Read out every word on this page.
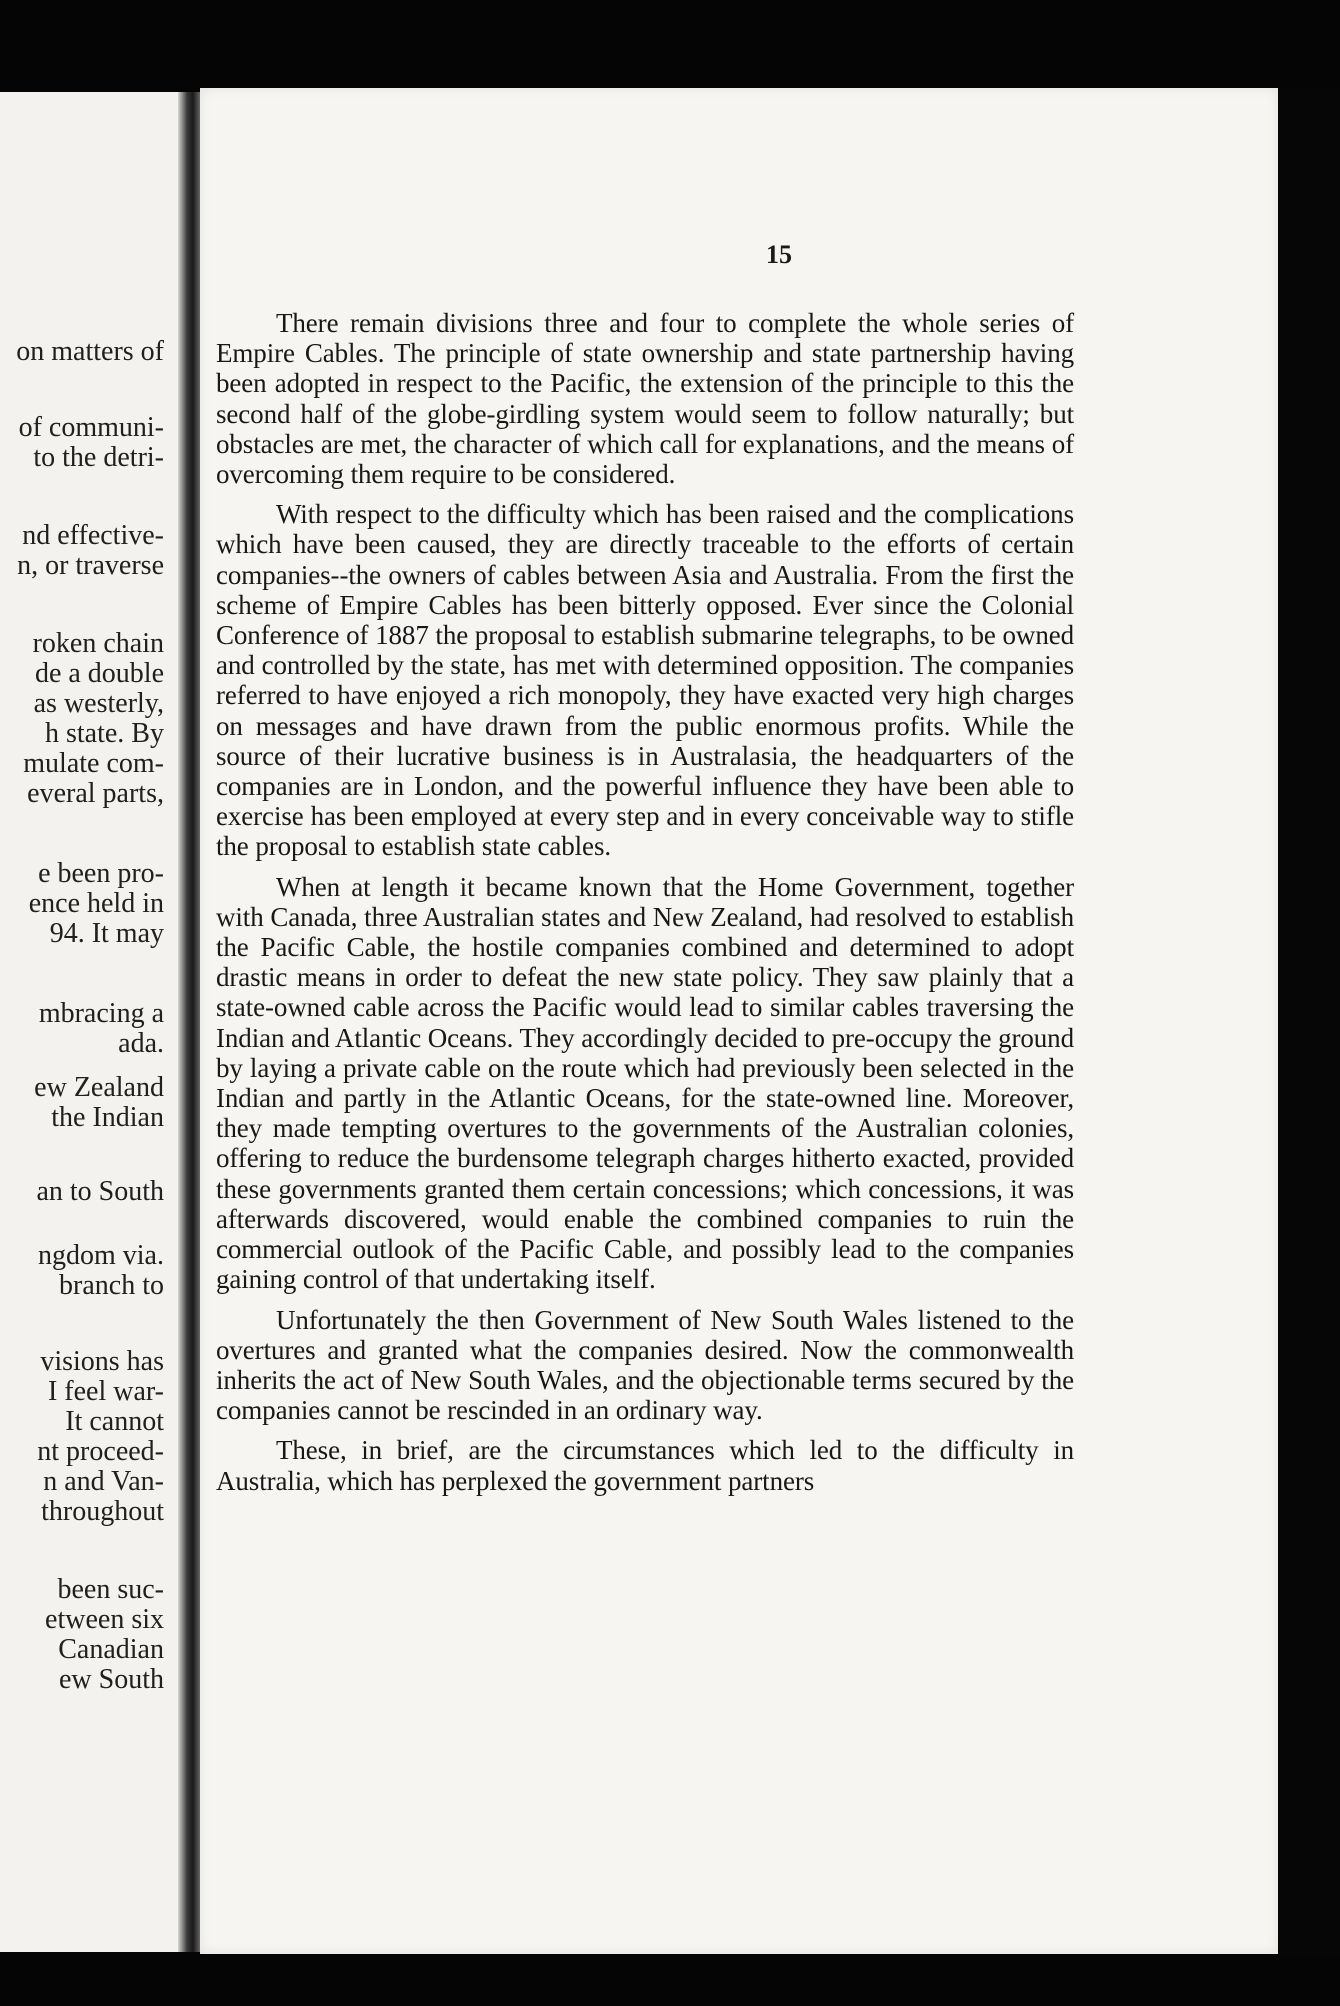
on matters of
of communi-
to the detri-
nd effective-
n, or traverse
roken chain
de a double
as westerly,
h state. By
mulate com-
everal parts,
e been pro-
ence held in
94. It may
mbracing a
ada.
ew Zealand
the Indian
an to South
ngdom via.
branch to
visions has
I feel war-
It cannot
nt proceed-
n and Van-
throughout
been suc-
etween six
Canadian
ew South
15

There remain divisions three and four to complete the whole series of Empire Cables. The principle of state ownership and state partnership having been adopted in respect to the Pacific, the extension of the principle to this the second half of the globe-girdling system would seem to follow naturally; but obstacles are met, the character of which call for explanations, and the means of overcoming them require to be considered.

With respect to the difficulty which has been raised and the complications which have been caused, they are directly traceable to the efforts of certain companies--the owners of cables between Asia and Australia. From the first the scheme of Empire Cables has been bitterly opposed. Ever since the Colonial Conference of 1887 the proposal to establish submarine telegraphs, to be owned and controlled by the state, has met with determined opposition. The companies referred to have enjoyed a rich monopoly, they have exacted very high charges on messages and have drawn from the public enormous profits. While the source of their lucrative business is in Australasia, the headquarters of the companies are in London, and the powerful influence they have been able to exercise has been employed at every step and in every conceivable way to stifle the proposal to establish state cables.

When at length it became known that the Home Government, together with Canada, three Australian states and New Zealand, had resolved to establish the Pacific Cable, the hostile companies combined and determined to adopt drastic means in order to defeat the new state policy. They saw plainly that a state-owned cable across the Pacific would lead to similar cables traversing the Indian and Atlantic Oceans. They accordingly decided to pre-occupy the ground by laying a private cable on the route which had previously been selected in the Indian and partly in the Atlantic Oceans, for the state-owned line. Moreover, they made tempting overtures to the governments of the Australian colonies, offering to reduce the burdensome telegraph charges hitherto exacted, provided these governments granted them certain concessions; which concessions, it was afterwards discovered, would enable the combined companies to ruin the commercial outlook of the Pacific Cable, and possibly lead to the companies gaining control of that undertaking itself.

Unfortunately the then Government of New South Wales listened to the overtures and granted what the companies desired. Now the commonwealth inherits the act of New South Wales, and the objectionable terms secured by the companies cannot be rescinded in an ordinary way.

These, in brief, are the circumstances which led to the difficulty in Australia, which has perplexed the government partners
